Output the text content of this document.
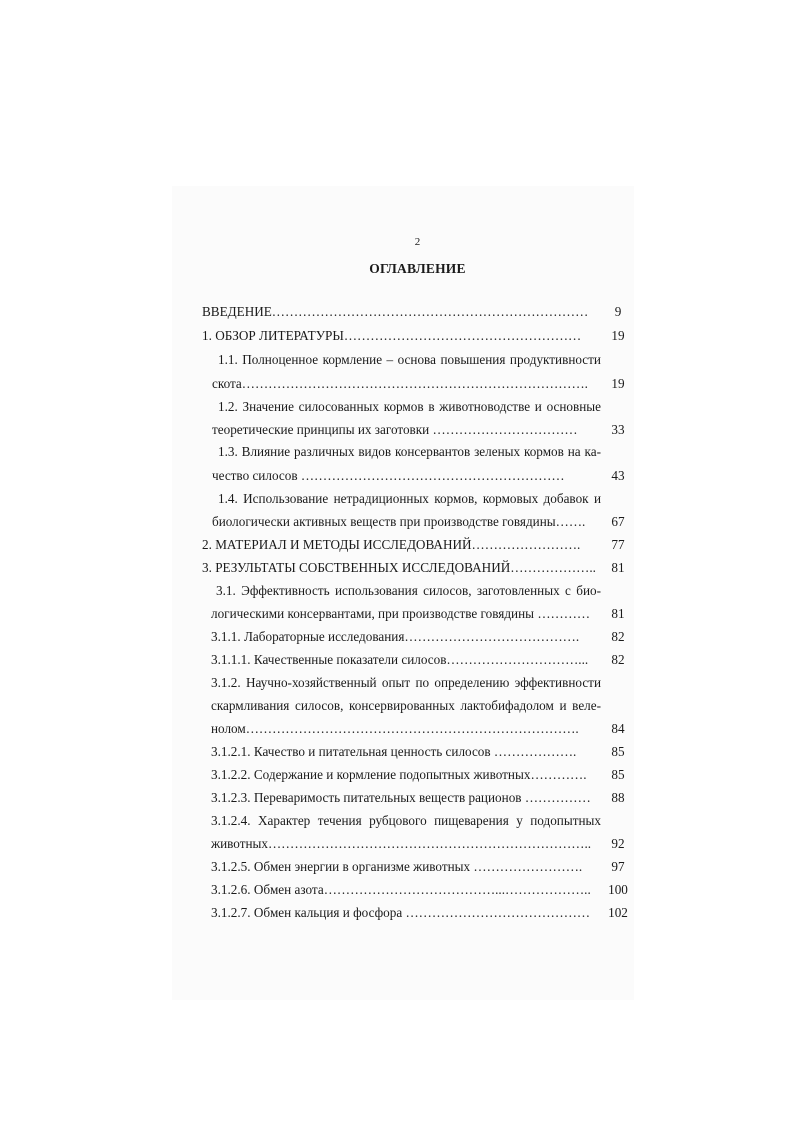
2
ОГЛАВЛЕНИЕ
ВВЕДЕНИЕ………………………………………………………………	9
1. ОБЗОР ЛИТЕРАТУРЫ………………………………………………	19
1.1. Полноценное кормление – основа повышения продуктивности
скота…………………………………………………………………….	19
1.2. Значение силосованных кормов в животноводстве и основные
теоретические принципы их заготовки ……………………………	33
1.3. Влияние различных видов консервантов зеленых кормов на ка-
чество силосов ……………………………………………………	43
1.4. Использование нетрадиционных кормов, кормовых добавок и
биологически активных веществ при производстве говядины…….	67
2. МАТЕРИАЛ И МЕТОДЫ ИССЛЕДОВАНИЙ…………………….	77
3. РЕЗУЛЬТАТЫ СОБСТВЕННЫХ ИССЛЕДОВАНИЙ………………..	81
3.1. Эффективность использования силосов, заготовленных с био-
логическими консервантами, при производстве говядины …………	81
3.1.1. Лабораторные исследования………………………………….	82
3.1.1.1. Качественные показатели силосов…………………………...	82
3.1.2. Научно-хозяйственный опыт по определению эффективности
скармливания силосов, консервированных лактобифадолом и веле-
нолом………………………………………………………………….	84
3.1.2.1. Качество и питательная ценность силосов ……………….	85
3.1.2.2. Содержание и кормление подопытных животных………….	85
3.1.2.3. Переваримость питательных веществ рационов ……………	88
3.1.2.4. Характер течения рубцового пищеварения у подопытных
животных………………………………………………………………..	92
3.1.2.5. Обмен энергии в организме животных …………………….	97
3.1.2.6. Обмен азота…………………………………...………………..	100
3.1.2.7. Обмен кальция и фосфора ……………………………………	102
